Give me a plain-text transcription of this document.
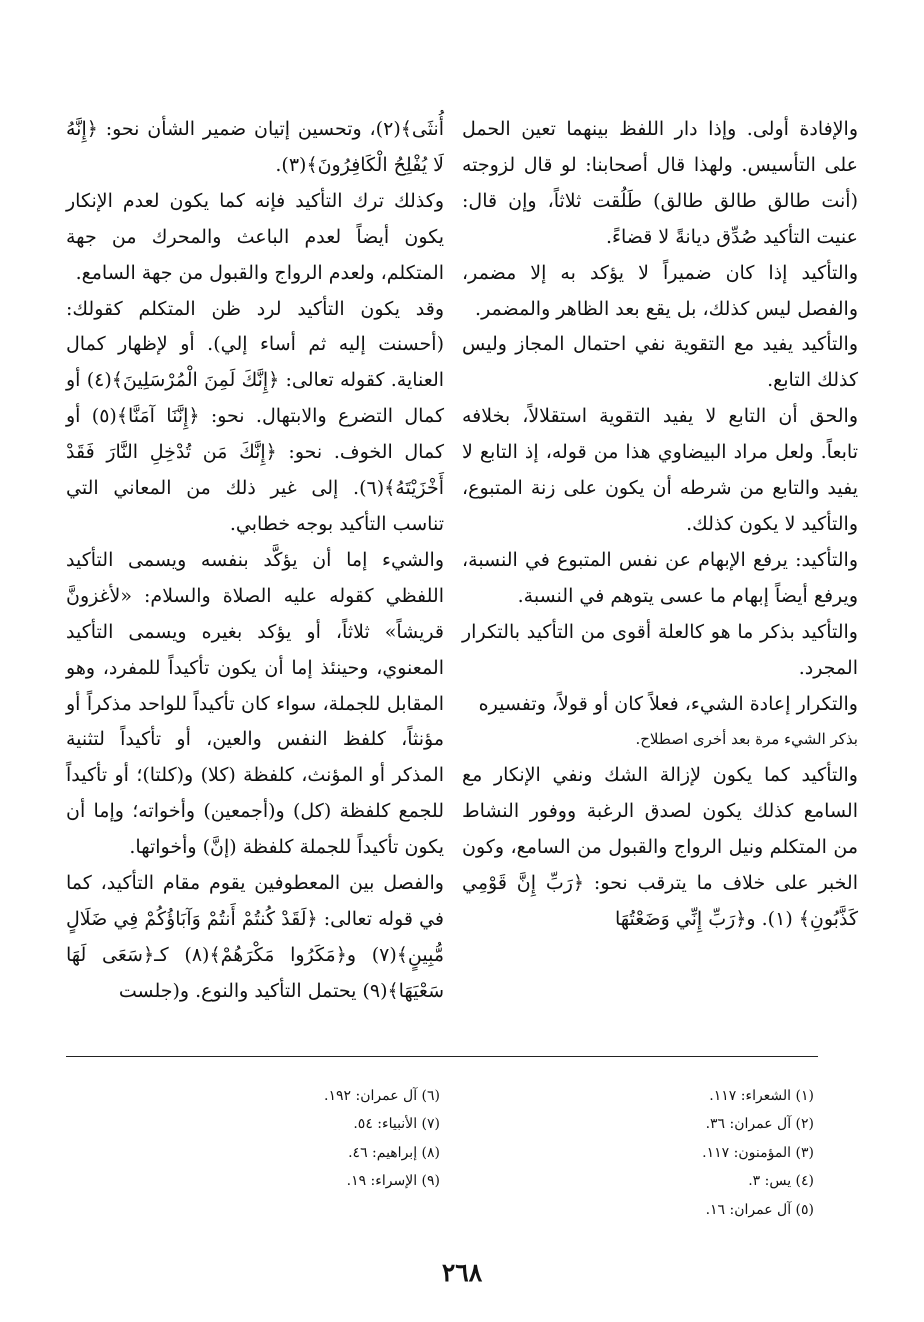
والإفادة أولى. وإذا دار اللفظ بينهما تعين الحمل على التأسيس. ولهذا قال أصحابنا: لو قال لزوجته (أنت طالق طالق طالق) طَلُقت ثلاثاً، وإن قال: عنيت التأكيد صُدِّق ديانةً لا قضاءً.

والتأكيد إذا كان ضميراً لا يؤكد به إلا مضمر، والفصل ليس كذلك، بل يقع بعد الظاهر والمضمر.

والتأكيد يفيد مع التقوية نفي احتمال المجاز وليس كذلك التابع.

والحق أن التابع لا يفيد التقوية استقلالاً، بخلافه تابعاً. ولعل مراد البيضاوي هذا من قوله، إذ التابع لا يفيد والتابع من شرطه أن يكون على زنة المتبوع، والتأكيد لا يكون كذلك.

والتأكيد: يرفع الإبهام عن نفس المتبوع في النسبة، ويرفع أيضاً إبهام ما عسى يتوهم في النسبة.

والتأكيد بذكر ما هو كالعلة أقوى من التأكيد بالتكرار المجرد.

والتكرار إعادة الشيء، فعلاً كان أو قولاً، وتفسيره

بذكر الشيء مرة بعد أخرى اصطلاح.

والتأكيد كما يكون لإزالة الشك ونفي الإنكار مع السامع كذلك يكون لصدق الرغبة ووفور النشاط من المتكلم ونيل الرواج والقبول من السامع، وكون الخبر على خلاف ما يترقب نحو: ﴿رَبِّ إِنَّ قَوْمِي كَذَّبُونِ﴾ (١). و﴿رَبِّ إِنِّي وَضَعْتُهَا

أُنثَى﴾(٢)، وتحسين إتيان ضمير الشأن نحو: ﴿إِنَّهُ لَا يُفْلِحُ الْكَافِرُونَ﴾(٣).

وكذلك ترك التأكيد فإنه كما يكون لعدم الإنكار يكون أيضاً لعدم الباعث والمحرك من جهة المتكلم، ولعدم الرواج والقبول من جهة السامع.

وقد يكون التأكيد لرد ظن المتكلم كقولك: (أحسنت إليه ثم أساء إلي). أو لإظهار كمال العناية. كقوله تعالى: ﴿إِنَّكَ لَمِنَ الْمُرْسَلِينَ﴾(٤) أو كمال التضرع والابتهال. نحو: ﴿إِنَّنَا آمَنَّا﴾(٥) أو كمال الخوف. نحو: ﴿إِنَّكَ مَن تُدْخِلِ النَّارَ فَقَدْ أَخْزَيْتَهُ﴾(٦). إلى غير ذلك من المعاني التي تناسب التأكيد بوجه خطابي.

والشيء إما أن يؤكَّد بنفسه ويسمى التأكيد اللفظي كقوله عليه الصلاة والسلام: «لأغزونَّ قريشاً» ثلاثاً، أو يؤكد بغيره ويسمى التأكيد المعنوي، وحينئذ إما أن يكون تأكيداً للمفرد، وهو المقابل للجملة، سواء كان تأكيداً للواحد مذكراً أو مؤنثاً، كلفظ النفس والعين، أو تأكيداً لتثنية المذكر أو المؤنث، كلفظة (كلا) و(كلتا)؛ أو تأكيداً للجمع كلفظة (كل) و(أجمعين) وأخواته؛ وإما أن يكون تأكيداً للجملة كلفظة (إنَّ) وأخواتها.

والفصل بين المعطوفين يقوم مقام التأكيد، كما في قوله تعالى: ﴿لَقَدْ كُنتُمْ أَنتُمْ وَآبَاؤُكُمْ فِي ضَلَالٍ مُّبِينٍ﴾(٧) و﴿مَكَرُوا مَكْرَهُمْ﴾(٨) كـ﴿سَعَى لَهَا سَعْيَهَا﴾(٩) يحتمل التأكيد والنوع. و(جلست

(١) الشعراء: ١١٧.
(٢) آل عمران: ٣٦.
(٣) المؤمنون: ١١٧.
(٤) يس: ٣.
(٥) آل عمران: ١٦.
(٦) آل عمران: ١٩٢.
(٧) الأنبياء: ٥٤.
(٨) إبراهيم: ٤٦.
(٩) الإسراء: ١٩.
٢٦٨
